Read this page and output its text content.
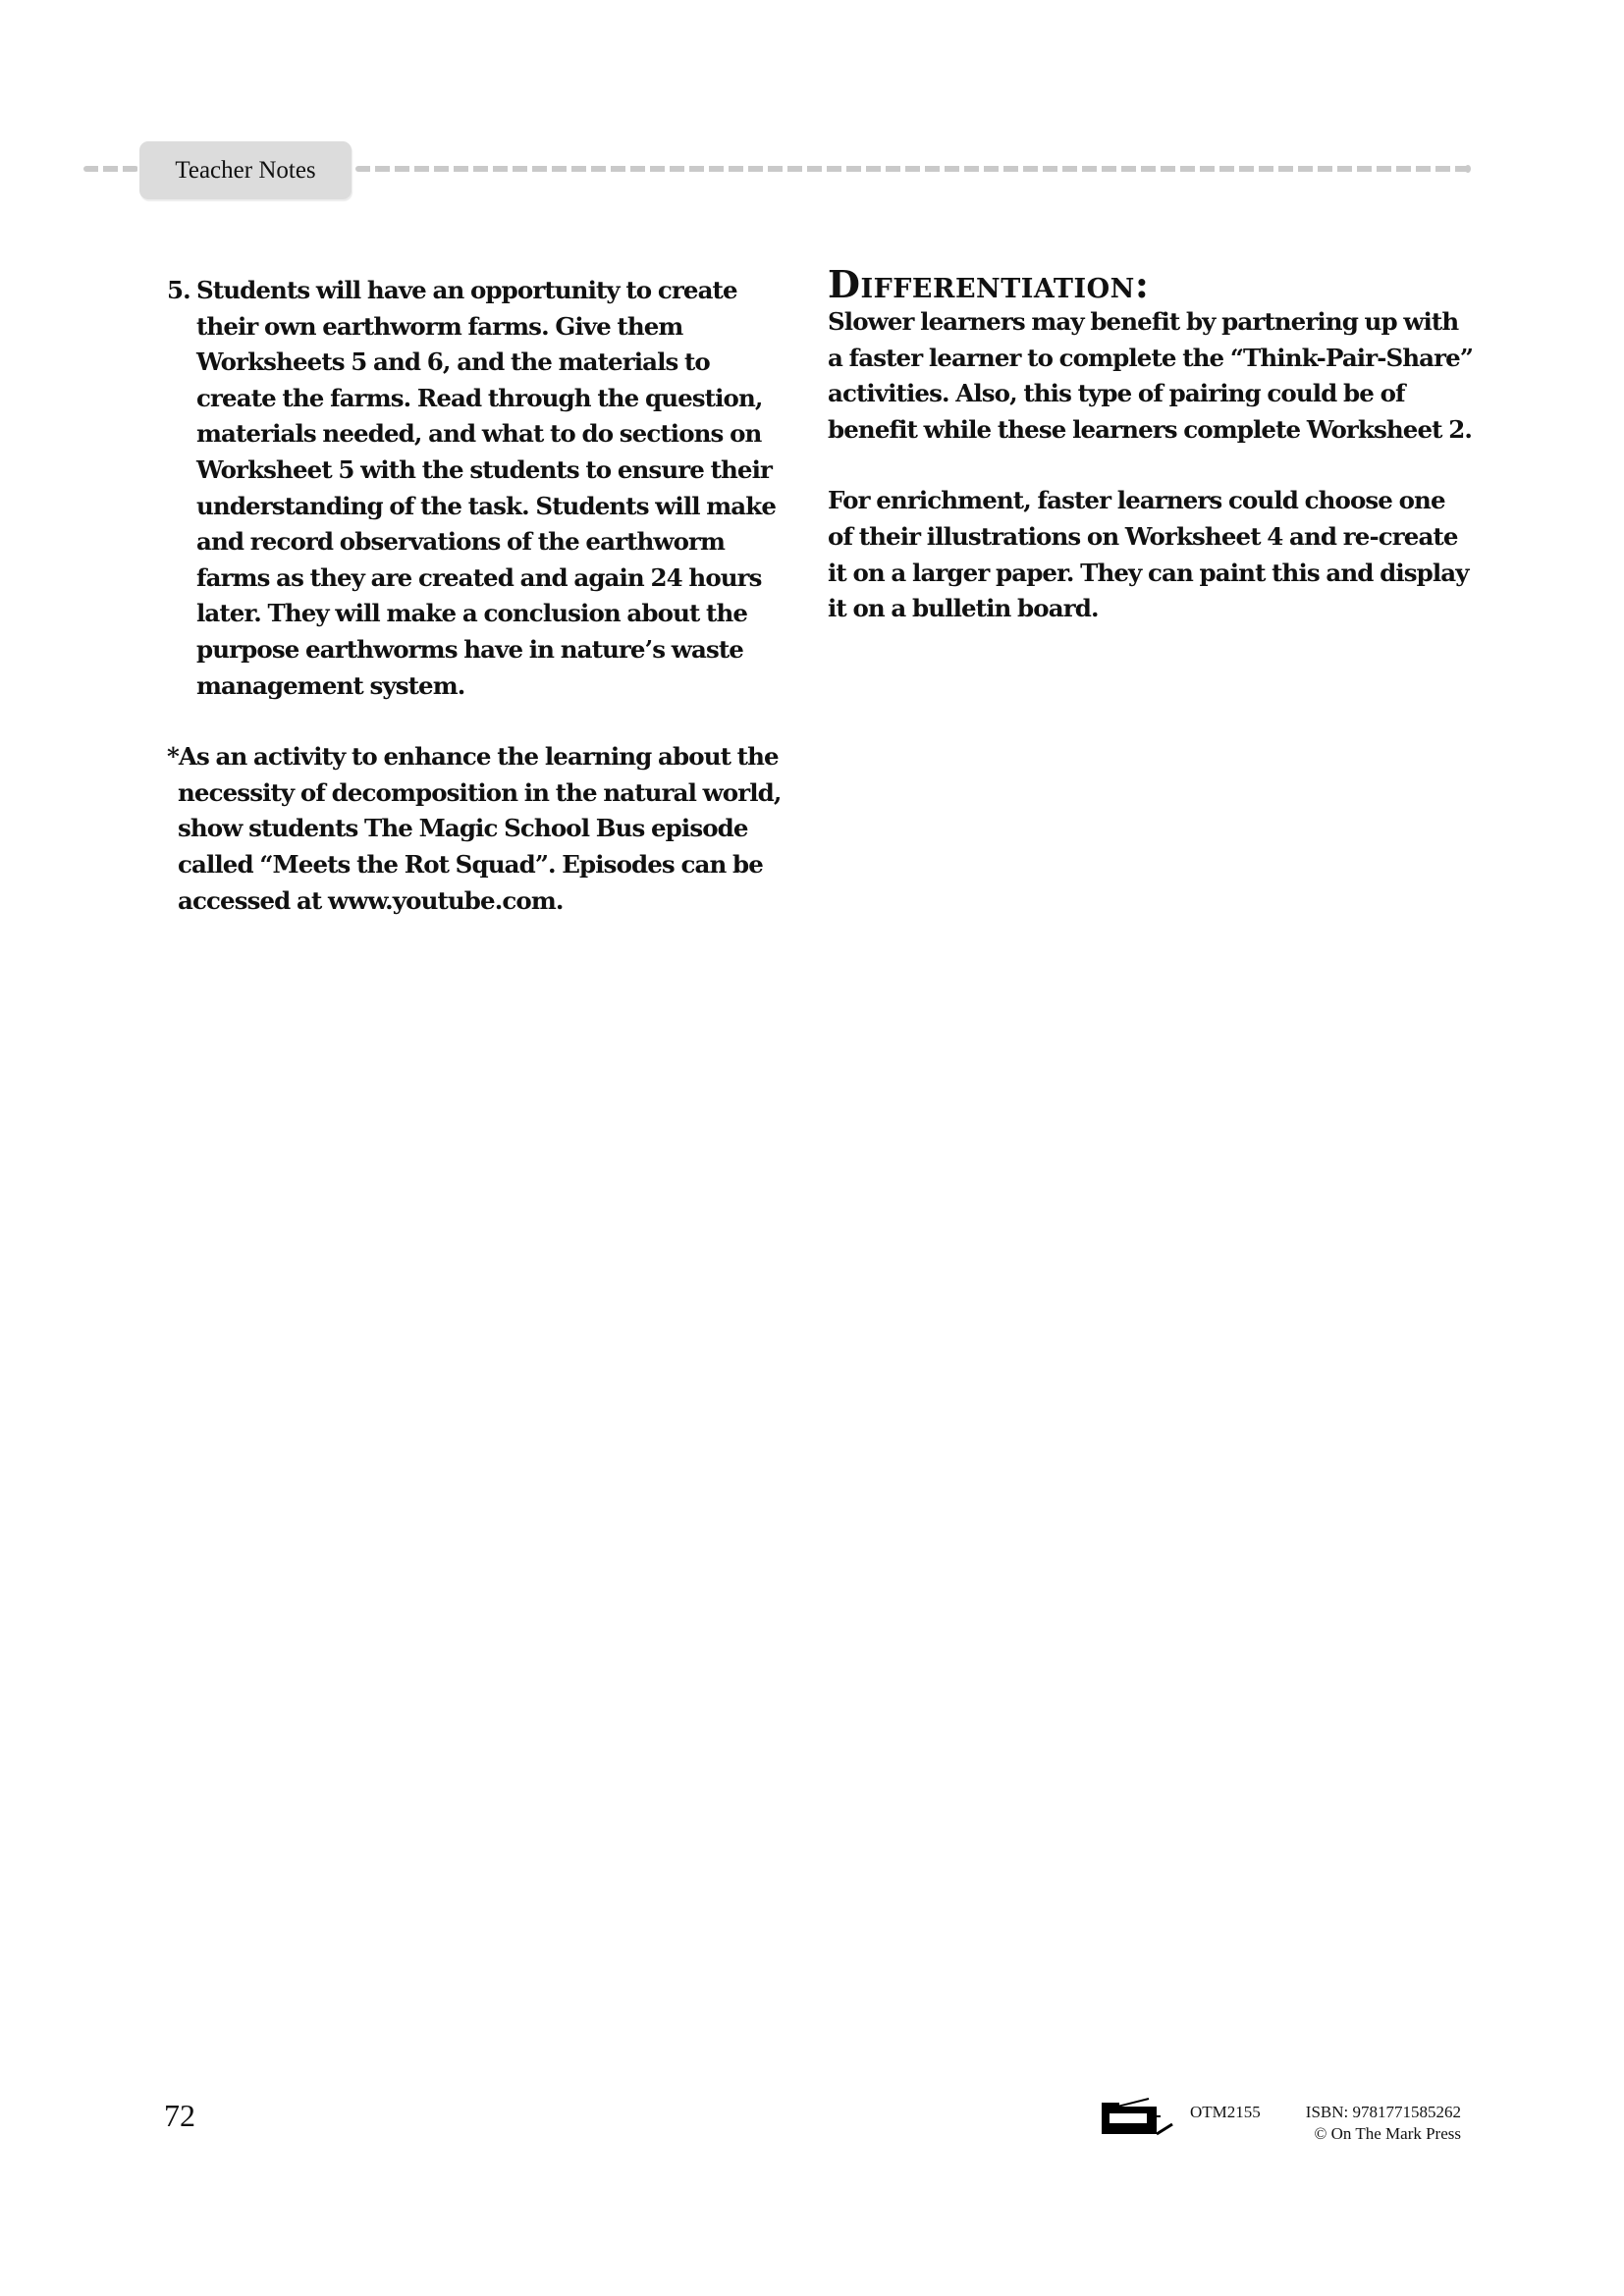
Teacher Notes
5. Students will have an opportunity to create their own earthworm farms. Give them Worksheets 5 and 6, and the materials to create the farms. Read through the question, materials needed, and what to do sections on Worksheet 5 with the students to ensure their understanding of the task. Students will make and record observations of the earthworm farms as they are created and again 24 hours later. They will make a conclusion about the purpose earthworms have in nature’s waste management system.
*As an activity to enhance the learning about the necessity of decomposition in the natural world, show students The Magic School Bus episode called “Meets the Rot Squad”. Episodes can be accessed at www.youtube.com.
Differentiation:

Slower learners may benefit by partnering up with a faster learner to complete the “Think-Pair-Share” activities. Also, this type of pairing could be of benefit while these learners complete Worksheet 2.

For enrichment, faster learners could choose one of their illustrations on Worksheet 4 and re-create it on a larger paper. They can paint this and display it on a bulletin board.

72	OTM2155	ISBN: 9781771585262
© On The Mark Press
